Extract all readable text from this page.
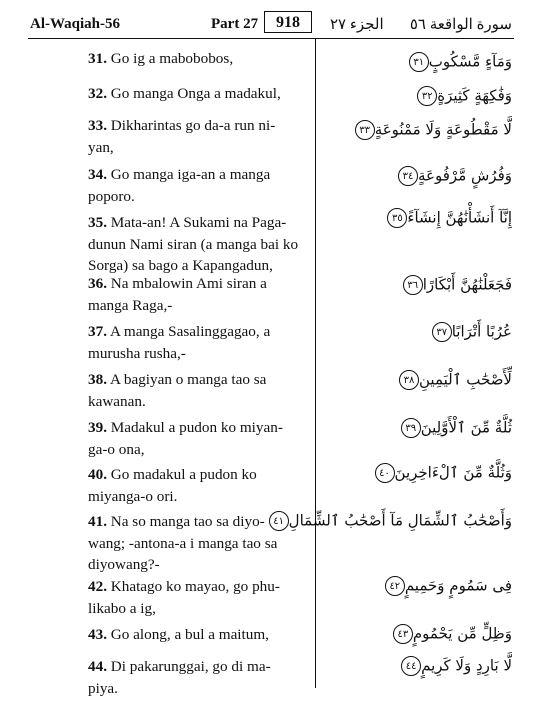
Al-Waqiah-56	Part 27	918	الجزء ٢٧ سورة الواقعة ٥٦
31. Go ig a mabobobos,
32. Go manga Onga a madakul,
33. Dikharintas go da-a run ni-
yan,
34. Go manga iga-an a manga
poporo.
35. Mata-an! A Sukami na Paga-
dunun Nami siran (a manga bai ko
Sorga) sa bago a Kapangadun,
36. Na mbalowin Ami siran a
manga Raga,-
37. A manga Sasalinggagao, a
murusha rusha,-
38. A bagiyan o manga tao sa
kawanan.
39. Madakul a pudon ko miyan-
ga-o ona,
40. Go madakul a pudon ko
miyanga-o ori.
41. Na so manga tao sa diyo-
wang; -antona-a i manga tao sa
diyowang?-
42. Khatago ko mayao, go phu-
likabo a ig,
43. Go along, a bul a maitum,
44. Di pakarunggai, go di ma-
piya.
وَمَآءٍ مَّسْكُوبٍ٣١
وَفَٰكِهَةٍ كَثِيرَةٍ٣٢
لَّا مَقْطُوعَةٍ وَلَا مَمْنُوعَةٍ٣٣
وَفُرُشٍ مَّرْفُوعَةٍ٣٤
إِنَّآ أَنشَأْنَٰهُنَّ إِنشَآءً٣٥
فَجَعَلْنَٰهُنَّ أَبْكَارًا٣٦
عُرُبًا أَتْرَابًا٣٧
لِّأَصْحَٰبِ ٱلْيَمِينِ٣٨
ثُلَّةٌ مِّنَ ٱلْأَوَّلِينَ٣٩
وَثُلَّةٌ مِّنَ ٱلْءَاخِرِينَ٤٠
وَأَصْحَٰبُ ٱلشِّمَالِ مَآ أَصْحَٰبُ ٱلشِّمَالِ٤١
فِى سَمُومٍ وَحَمِيمٍ٤٢
وَظِلٍّ مِّن يَحْمُومٍ٤٣
لَّا بَارِدٍ وَلَا كَرِيمٍ٤٤
